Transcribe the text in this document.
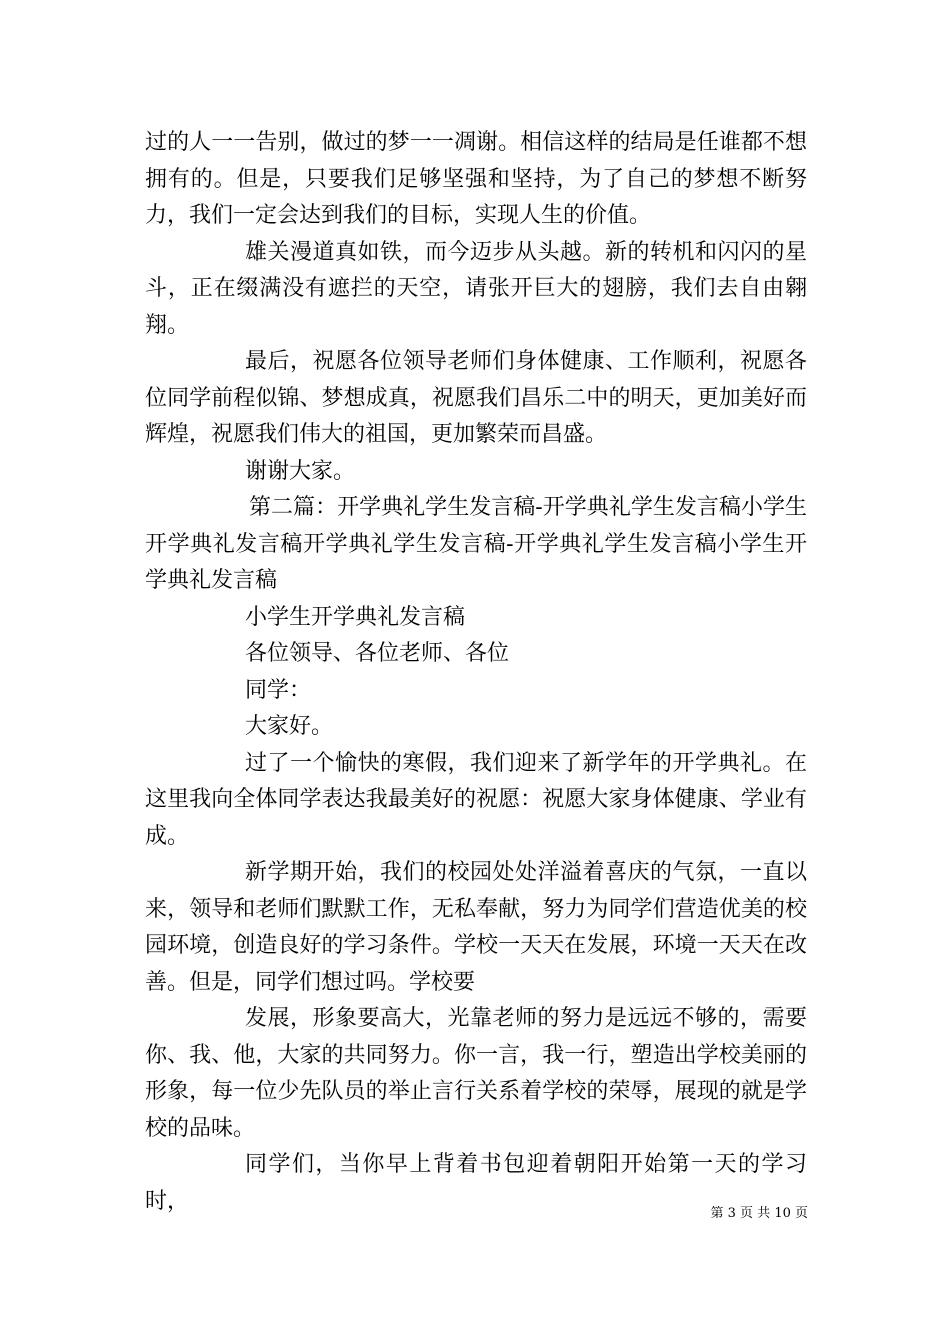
过的人一一告别，做过的梦一一凋谢。相信这样的结局是任谁都不想拥有的。但是，只要我们足够坚强和坚持，为了自己的梦想不断努力，我们一定会达到我们的目标，实现人生的价值。

雄关漫道真如铁，而今迈步从头越。新的转机和闪闪的星斗，正在缀满没有遮拦的天空，请张开巨大的翅膀，我们去自由翱翔。

最后，祝愿各位领导老师们身体健康、工作顺利，祝愿各位同学前程似锦、梦想成真，祝愿我们昌乐二中的明天，更加美好而辉煌，祝愿我们伟大的祖国，更加繁荣而昌盛。

谢谢大家。

第二篇：开学典礼学生发言稿-开学典礼学生发言稿小学生开学典礼发言稿开学典礼学生发言稿-开学典礼学生发言稿小学生开学典礼发言稿

小学生开学典礼发言稿

各位领导、各位老师、各位

同学：

大家好。

过了一个愉快的寒假，我们迎来了新学年的开学典礼。在这里我向全体同学表达我最美好的祝愿：祝愿大家身体健康、学业有成。

新学期开始，我们的校园处处洋溢着喜庆的气氛，一直以来，领导和老师们默默工作，无私奉献，努力为同学们营造优美的校园环境，创造良好的学习条件。学校一天天在发展，环境一天天在改善。但是，同学们想过吗。学校要

发展，形象要高大，光靠老师的努力是远远不够的，需要你、我、他，大家的共同努力。你一言，我一行，塑造出学校美丽的形象，每一位少先队员的举止言行关系着学校的荣辱，展现的就是学校的品味。

同学们，当你早上背着书包迎着朝阳开始第一天的学习时，	第 3 页 共 10 页
